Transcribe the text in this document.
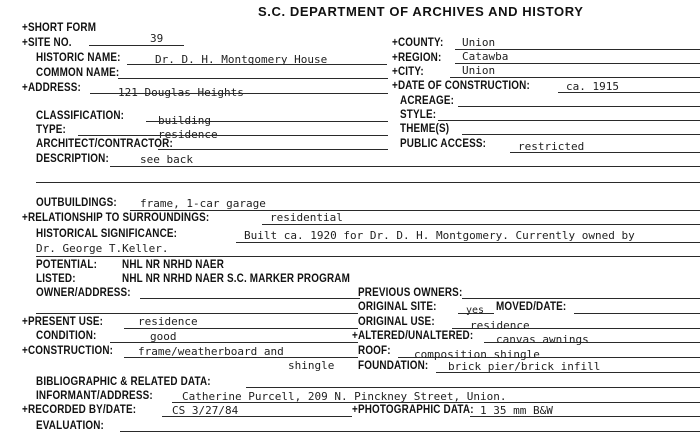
S.C. DEPARTMENT OF ARCHIVES AND HISTORY
+SHORT FORM
+SITE NO.	39	+COUNTY: Union
HISTORIC NAME:	Dr. D. H. Montgomery House	+REGION: Catawba
COMMON NAME:	+CITY:	Union
+ADDRESS:	121 Douglas Heights	+DATE OF CONSTRUCTION:	ca. 1915
ACREAGE:
CLASSIFICATION:	building	STYLE:
TYPE:	residence	THEME(S)
ARCHITECT/CONTRACTOR:	PUBLIC ACCESS:	restricted
DESCRIPTION:	see back
OUTBUILDINGS: frame, 1-car garage
+RELATIONSHIP TO SURROUNDINGS:	residential
HISTORICAL SIGNIFICANCE:	Built ca. 1920 for Dr. D. H. Montgomery. Currently owned by
Dr. George T.Keller.
POTENTIAL: NHL NR NRHD NAER
LISTED:	NHL NR NRHD NAER S.C. MARKER PROGRAM
OWNER/ADDRESS:	PREVIOUS OWNERS:
ORIGINAL SITE:	yes MOVED/DATE:
+PRESENT USE:	residence	ORIGINAL USE:	residence
CONDITION:	good	+ALTERED/UNALTERED: canvas awnings
+CONSTRUCTION: frame/weatherboard and	ROOF: composition shingle
shingle FOUNDATION: brick pier/brick infill
BIBLIOGRAPHIC & RELATED DATA:
INFORMANT/ADDRESS:	Catherine Purcell, 209 N. Pinckney Street, Union.
+RECORDED BY/DATE:	CS 3/27/84	+PHOTOGRAPHIC DATA: 1 35 mm B&W
EVALUATION:
